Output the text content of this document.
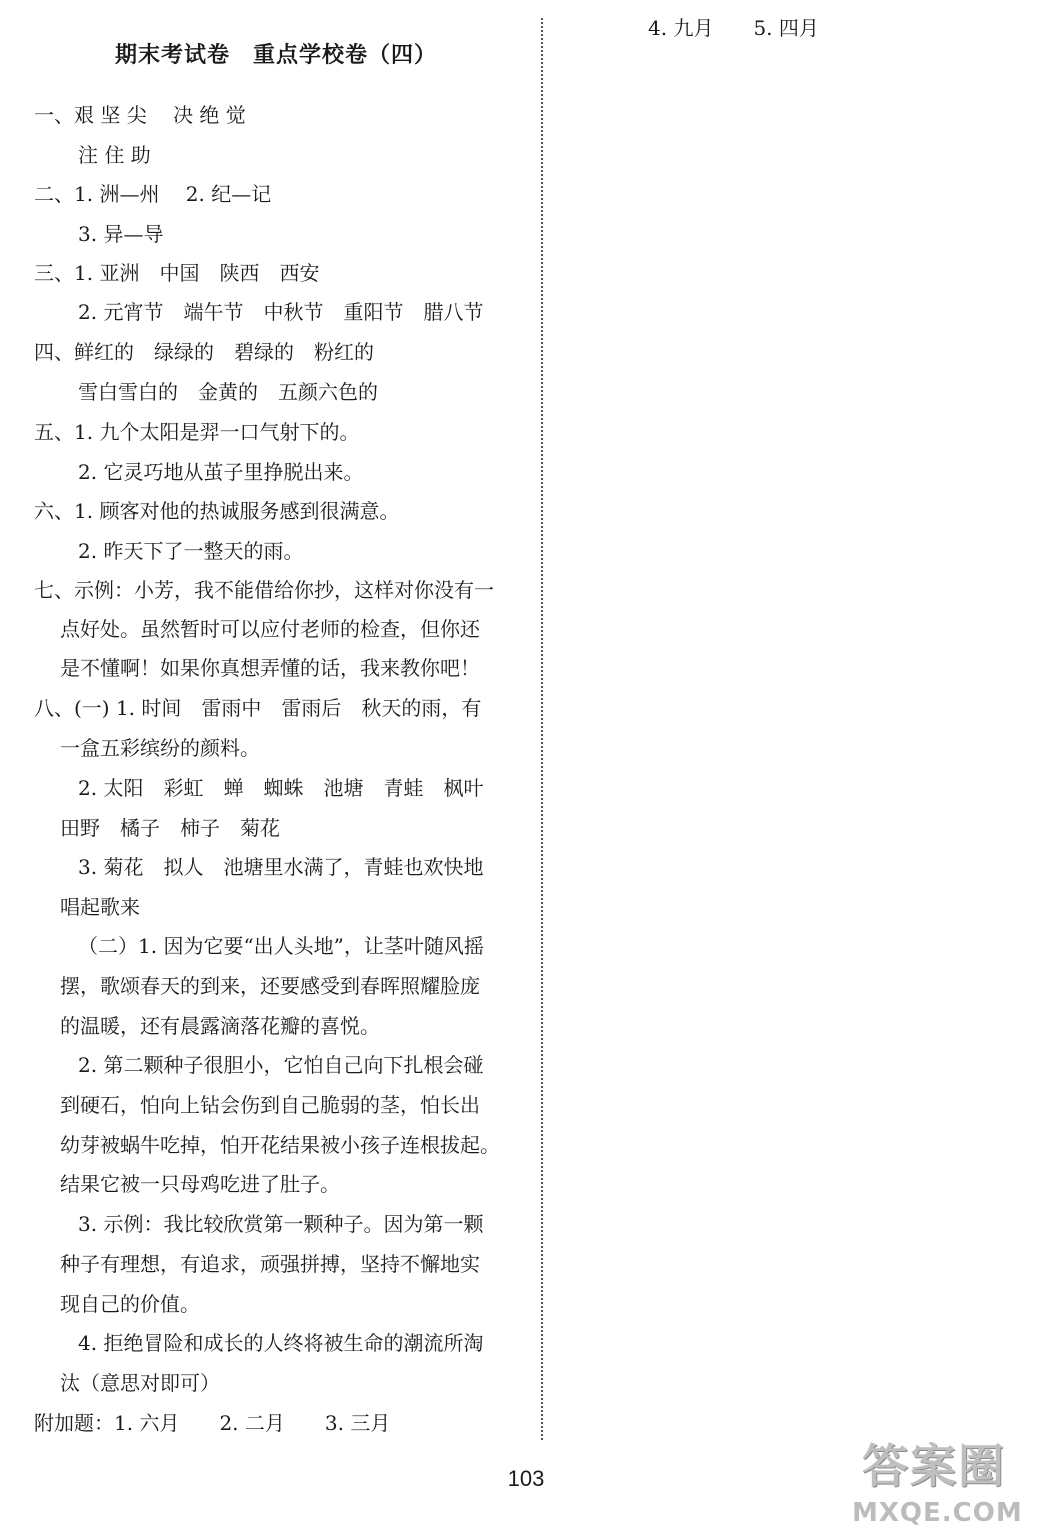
期末考试卷　重点学校卷（四）
一、艰 坚 尖　 决 绝 觉
注 住 助
二、1. 洲—州　 2. 纪—记
3. 异—导
三、1. 亚洲　中国　陕西　西安
2. 元宵节　端午节　中秋节　重阳节　腊八节
四、鲜红的　绿绿的　碧绿的　粉红的
雪白雪白的　金黄的　五颜六色的
五、1. 九个太阳是羿一口气射下的。
2. 它灵巧地从茧子里挣脱出来。
六、1. 顾客对他的热诚服务感到很满意。
2. 昨天下了一整天的雨。
七、示例：小芳，我不能借给你抄，这样对你没有一
点好处。虽然暂时可以应付老师的检查，但你还
是不懂啊！如果你真想弄懂的话，我来教你吧！
八、(一) 1. 时间　雷雨中　雷雨后　秋天的雨，有
一盒五彩缤纷的颜料。
2. 太阳　彩虹　蝉　蜘蛛　池塘　青蛙　枫叶
田野　橘子　柿子　菊花
3. 菊花　拟人　池塘里水满了，青蛙也欢快地
唱起歌来
（二）1. 因为它要“出人头地”，让茎叶随风摇
摆，歌颂春天的到来，还要感受到春晖照耀脸庞
的温暖，还有晨露滴落花瓣的喜悦。
2. 第二颗种子很胆小，它怕自己向下扎根会碰
到硬石，怕向上钻会伤到自己脆弱的茎，怕长出
幼芽被蜗牛吃掉，怕开花结果被小孩子连根拔起。
结果它被一只母鸡吃进了肚子。
3. 示例：我比较欣赏第一颗种子。因为第一颗
种子有理想，有追求，顽强拼搏，坚持不懈地实
现自己的价值。
4. 拒绝冒险和成长的人终将被生命的潮流所淘
汰（意思对即可）
附加题：1. 六月　　2. 二月　　3. 三月
4. 九月　　5. 四月
103	答案圈
MXQE.COM
